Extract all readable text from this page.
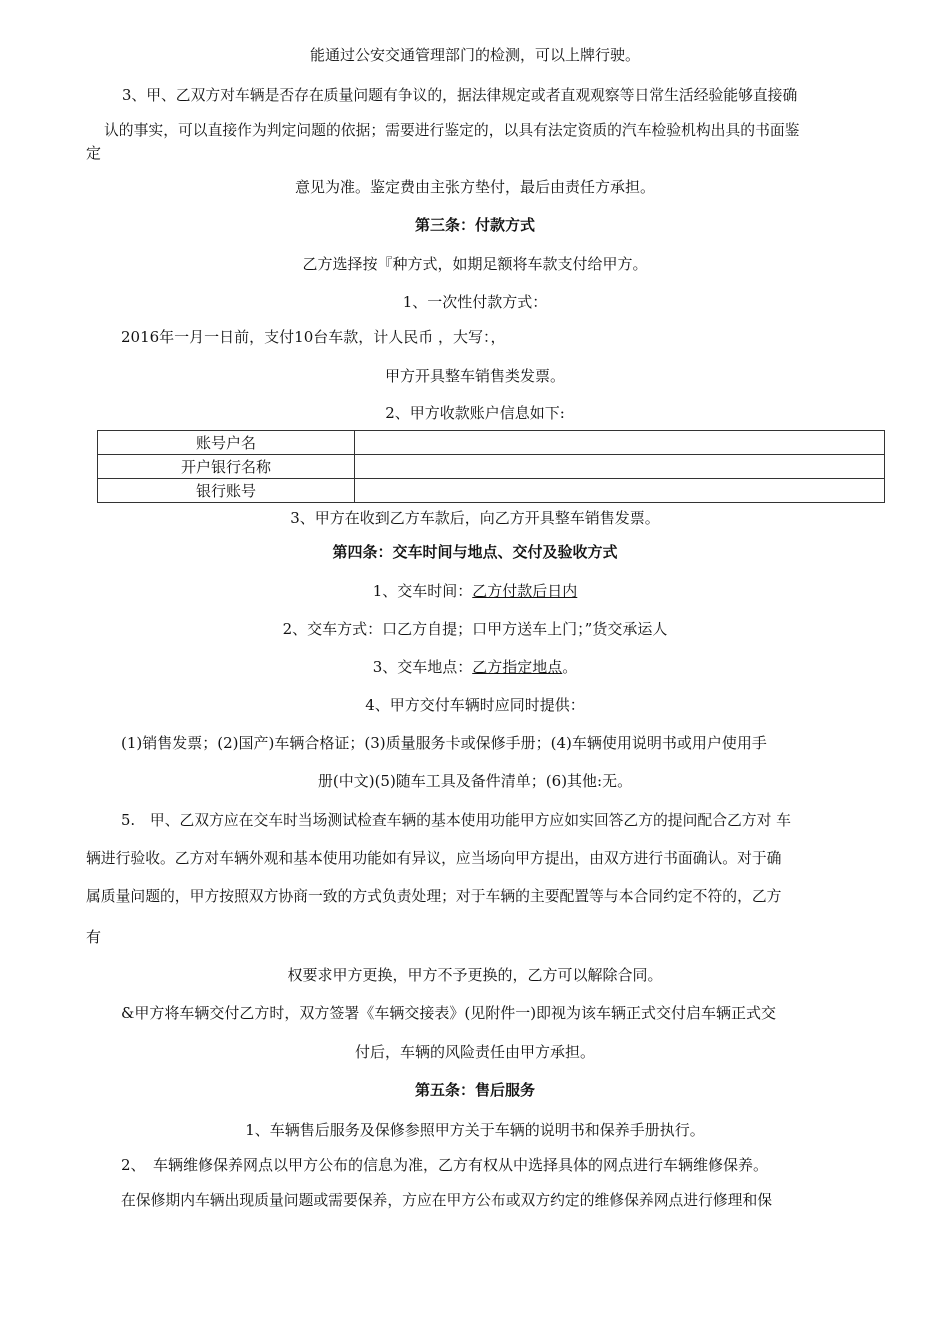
能通过公安交通管理部门的检测，可以上牌行驶。
3、甲、乙双方对车辆是否存在质量问题有争议的，据法律规定或者直观观察等日常生活经验能够直接确
认的事实，可以直接作为判定问题的依据；需要进行鉴定的，以具有法定资质的汽车检验机构出具的书面鉴
定
意见为准。鉴定费由主张方垫付，最后由责任方承担。
第三条：付款方式
乙方选择按『种方式，如期足额将车款支付给甲方。
1、一次性付款方式：
2016年一月一日前，支付10台车款，计人民币 ，大写：，
甲方开具整车销售类发票。
2、甲方收款账户信息如下:
账号户名	
开户银行名称	
银行账号	
3、甲方在收到乙方车款后，向乙方开具整车销售发票。
第四条：交车时间与地点、交付及验收方式
1、交车时间：乙方付款后日内
2、交车方式：口乙方自提；口甲方送车上门；”货交承运人
3、交车地点：乙方指定地点。
4、甲方交付车辆时应同时提供：
(1)销售发票；(2)国产)车辆合格证；(3)质量服务卡或保修手册；(4)车辆使用说明书或用户使用手
册(中文)(5)随车工具及备件清单；(6)其他:无。
5.　甲、乙双方应在交车时当场测试检查车辆的基本使用功能甲方应如实回答乙方的提问配合乙方对 车
辆进行验收。乙方对车辆外观和基本使用功能如有异议，应当场向甲方提出，由双方进行书面确认。对于确
属质量问题的，甲方按照双方协商一致的方式负责处理；对于车辆的主要配置等与本合同约定不符的，乙方
有
权要求甲方更换，甲方不予更换的，乙方可以解除合同。
&甲方将车辆交付乙方时，双方签署《车辆交接表》(见附件一)即视为该车辆正式交付启车辆正式交
付后，车辆的风险责任由甲方承担。
第五条：售后服务
1、车辆售后服务及保修参照甲方关于车辆的说明书和保养手册执行。
2、　车辆维修保养网点以甲方公布的信息为准，乙方有权从中选择具体的网点进行车辆维修保养。
在保修期内车辆出现质量问题或需要保养，方应在甲方公布或双方约定的维修保养网点进行修理和保
